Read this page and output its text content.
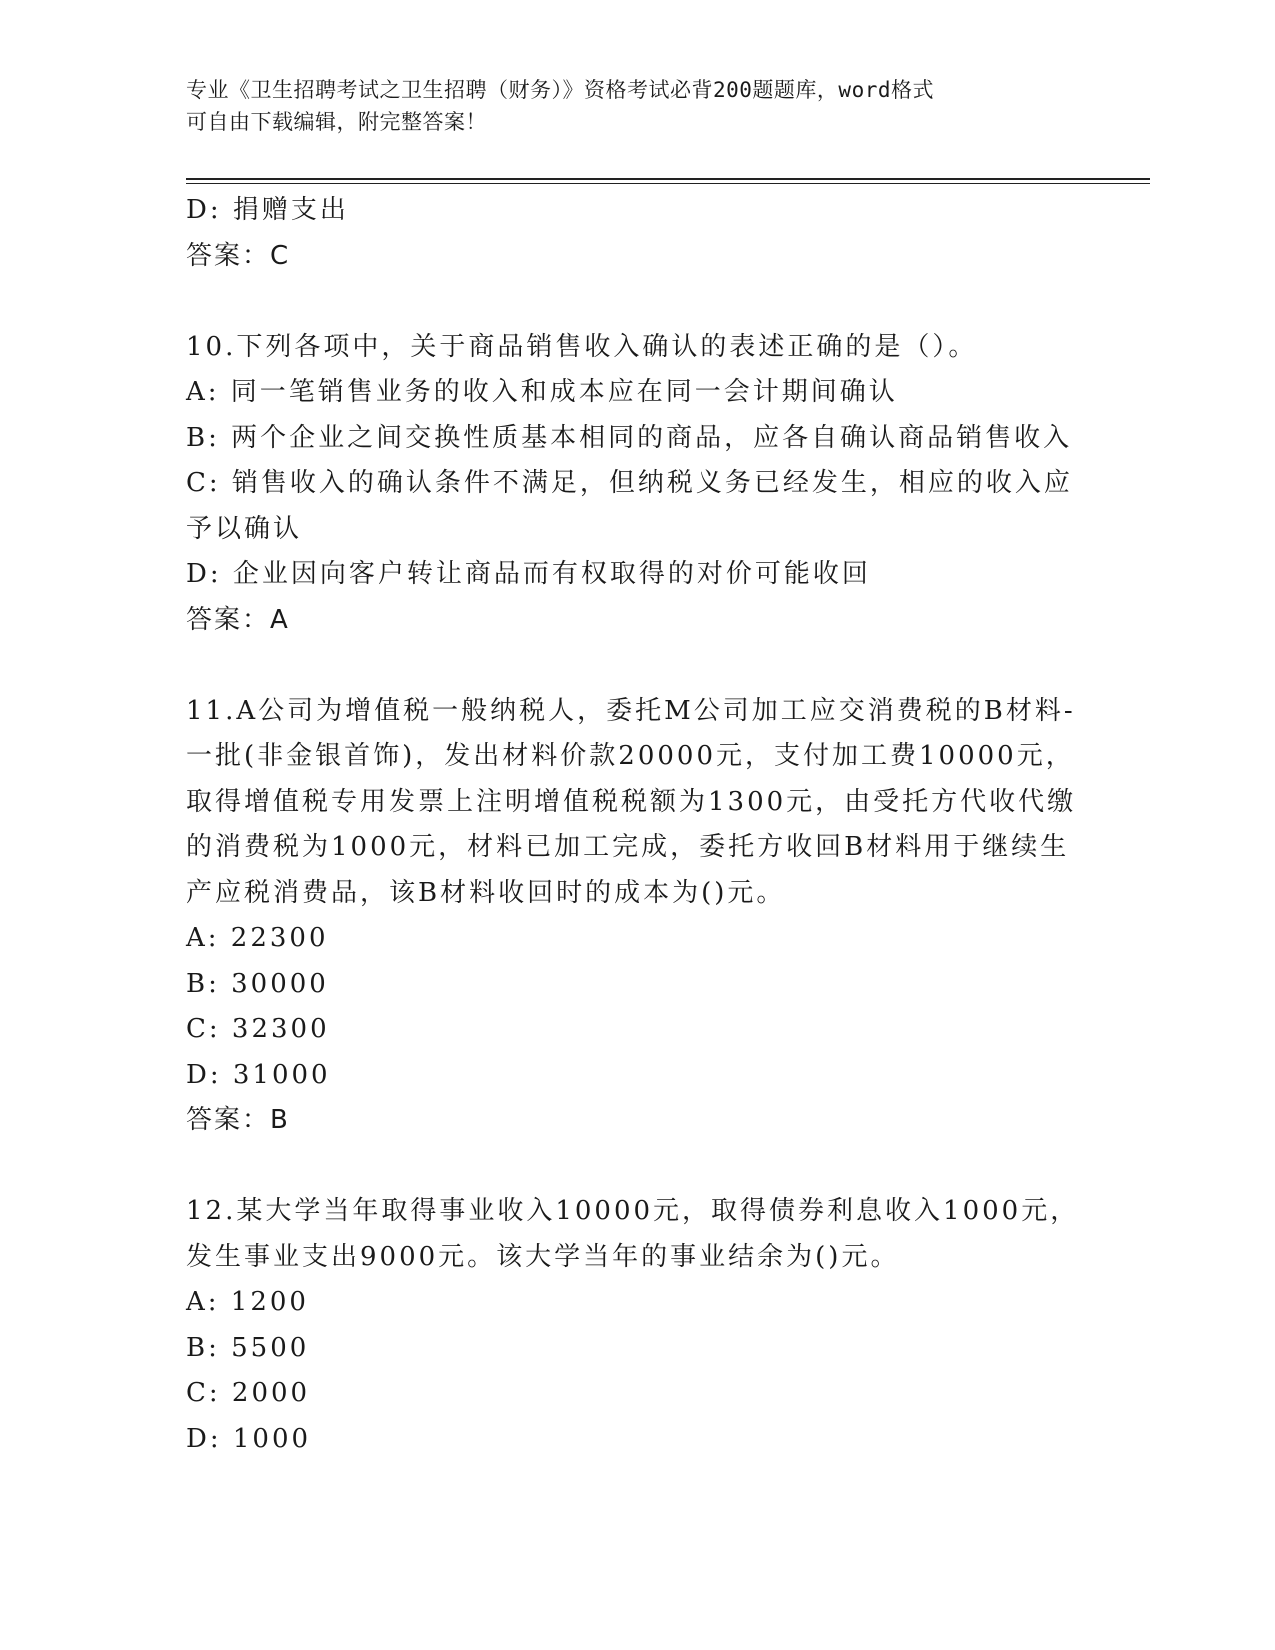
专业《卫生招聘考试之卫生招聘（财务）》资格考试必背200题题库，word格式
可自由下载编辑，附完整答案！
D: 捐赠支出
答案：C
10.下列各项中，关于商品销售收入确认的表述正确的是（）。
A: 同一笔销售业务的收入和成本应在同一会计期间确认
B: 两个企业之间交换性质基本相同的商品，应各自确认商品销售收入
C: 销售收入的确认条件不满足，但纳税义务已经发生，相应的收入应
予以确认
D: 企业因向客户转让商品而有权取得的对价可能收回
答案：A
11.A公司为增值税一般纳税人，委托M公司加工应交消费税的B材料-
一批(非金银首饰)，发出材料价款20000元，支付加工费10000元，
取得增值税专用发票上注明增值税税额为1300元，由受托方代收代缴
的消费税为1000元，材料已加工完成，委托方收回B材料用于继续生
产应税消费品，该B材料收回时的成本为()元。
A: 22300
B: 30000
C: 32300
D: 31000
答案：B
12.某大学当年取得事业收入10000元，取得债券利息收入1000元，
发生事业支出9000元。该大学当年的事业结余为()元。
A: 1200
B: 5500
C: 2000
D: 1000
